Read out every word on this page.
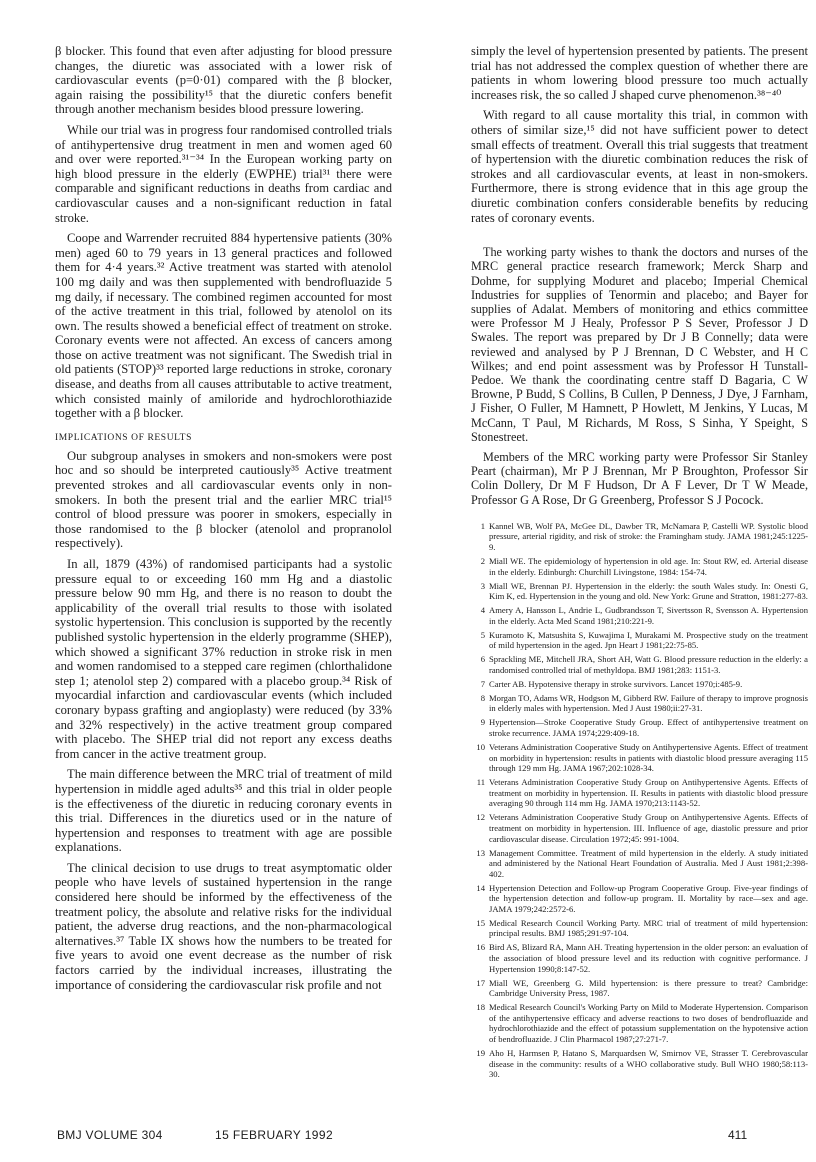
β blocker. This found that even after adjusting for blood pressure changes, the diuretic was associated with a lower risk of cardiovascular events (p=0·01) compared with the β blocker, again raising the possibility¹⁵ that the diuretic confers benefit through another mechanism besides blood pressure lowering.

While our trial was in progress four randomised controlled trials of antihypertensive drug treatment in men and women aged 60 and over were reported.³¹⁻³⁴ In the European working party on high blood pressure in the elderly (EWPHE) trial³¹ there were comparable and significant reductions in deaths from cardiac and cardiovascular causes and a non-significant reduction in fatal stroke.

Coope and Warrender recruited 884 hypertensive patients (30% men) aged 60 to 79 years in 13 general practices and followed them for 4·4 years.³² Active treatment was started with atenolol 100 mg daily and was then supplemented with bendrofluazide 5 mg daily, if necessary. The combined regimen accounted for most of the active treatment in this trial, followed by atenolol on its own. The results showed a beneficial effect of treatment on stroke. Coronary events were not affected. An excess of cancers among those on active treatment was not significant. The Swedish trial in old patients (STOP)³³ reported large reductions in stroke, coronary disease, and deaths from all causes attributable to active treatment, which consisted mainly of amiloride and hydrochlorothiazide together with a β blocker.

IMPLICATIONS OF RESULTS

Our subgroup analyses in smokers and non-smokers were post hoc and so should be interpreted cautiously³⁵ Active treatment prevented strokes and all cardiovascular events only in non-smokers. In both the present trial and the earlier MRC trial¹⁵ control of blood pressure was poorer in smokers, especially in those randomised to the β blocker (atenolol and propranolol respectively).

In all, 1879 (43%) of randomised participants had a systolic pressure equal to or exceeding 160 mm Hg and a diastolic pressure below 90 mm Hg, and there is no reason to doubt the applicability of the overall trial results to those with isolated systolic hypertension. This conclusion is supported by the recently published systolic hypertension in the elderly programme (SHEP), which showed a significant 37% reduction in stroke risk in men and women randomised to a stepped care regimen (chlorthalidone step 1; atenolol step 2) compared with a placebo group.³⁴ Risk of myocardial infarction and cardiovascular events (which included coronary bypass grafting and angioplasty) were reduced (by 33% and 32% respectively) in the active treatment group compared with placebo. The SHEP trial did not report any excess deaths from cancer in the active treatment group.

The main difference between the MRC trial of treatment of mild hypertension in middle aged adults³⁵ and this trial in older people is the effectiveness of the diuretic in reducing coronary events in this trial. Differences in the diuretics used or in the nature of hypertension and responses to treatment with age are possible explanations.

The clinical decision to use drugs to treat asymptomatic older people who have levels of sustained hypertension in the range considered here should be informed by the effectiveness of the treatment policy, the absolute and relative risks for the individual patient, the adverse drug reactions, and the non-pharmacological alternatives.³⁷ Table IX shows how the numbers to be treated for five years to avoid one event decrease as the number of risk factors carried by the individual increases, illustrating the importance of considering the cardiovascular risk profile and not

simply the level of hypertension presented by patients. The present trial has not addressed the complex question of whether there are patients in whom lowering blood pressure too much actually increases risk, the so called J shaped curve phenomenon.³⁸⁻⁴⁰

With regard to all cause mortality this trial, in common with others of similar size,¹⁵ did not have sufficient power to detect small effects of treatment. Overall this trial suggests that treatment of hypertension with the diuretic combination reduces the risk of strokes and all cardiovascular events, at least in non-smokers. Furthermore, there is strong evidence that in this age group the diuretic combination confers considerable benefits by reducing rates of coronary events.

The working party wishes to thank the doctors and nurses of the MRC general practice research framework; Merck Sharp and Dohme, for supplying Moduret and placebo; Imperial Chemical Industries for supplies of Tenormin and placebo; and Bayer for supplies of Adalat. Members of monitoring and ethics committee were Professor M J Healy, Professor P S Sever, Professor J D Swales. The report was prepared by Dr J B Connelly; data were reviewed and analysed by P J Brennan, D C Webster, and H C Wilkes; and end point assessment was by Professor H Tunstall-Pedoe. We thank the coordinating centre staff D Bagaria, C W Browne, P Budd, S Collins, B Cullen, P Denness, J Dye, J Farnham, J Fisher, O Fuller, M Hamnett, P Howlett, M Jenkins, Y Lucas, M McCann, T Paul, M Richards, M Ross, S Sinha, Y Speight, S Stonestreet.

Members of the MRC working party were Professor Sir Stanley Peart (chairman), Mr P J Brennan, Mr P Broughton, Professor Sir Colin Dollery, Dr M F Hudson, Dr A F Lever, Dr T W Meade, Professor G A Rose, Dr G Greenberg, Professor S J Pocock.

1 Kannel WB, Wolf PA, McGee DL, Dawber TR, McNamara P, Castelli WP. Systolic blood pressure, arterial rigidity, and risk of stroke: the Framingham study. JAMA 1981;245:1225-9.
2 Miall WE. The epidemiology of hypertension in old age. In: Stout RW, ed. Arterial disease in the elderly. Edinburgh: Churchill Livingstone, 1984: 154-74.
3 Miall WE, Brennan PJ. Hypertension in the elderly: the south Wales study. In: Onesti G, Kim K, ed. Hypertension in the young and old. New York: Grune and Stratton, 1981:277-83.
4 Amery A, Hansson L, Andrie L, Gudbrandsson T, Sivertsson R, Svensson A. Hypertension in the elderly. Acta Med Scand 1981;210:221-9.
5 Kuramoto K, Matsushita S, Kuwajima I, Murakami M. Prospective study on the treatment of mild hypertension in the aged. Jpn Heart J 1981;22:75-85.
6 Sprackling ME, Mitchell JRA, Short AH, Watt G. Blood pressure reduction in the elderly: a randomised controlled trial of methyldopa. BMJ 1981;283: 1151-3.
7 Carter AB. Hypotensive therapy in stroke survivors. Lancet 1970;i:485-9.
8 Morgan TO, Adams WR, Hodgson M, Gibberd RW. Failure of therapy to improve prognosis in elderly males with hypertension. Med J Aust 1980;ii:27-31.
9 Hypertension—Stroke Cooperative Study Group. Effect of antihypertensive treatment on stroke recurrence. JAMA 1974;229:409-18.
10 Veterans Administration Cooperative Study on Antihypertensive Agents. Effect of treatment on morbidity in hypertension: results in patients with diastolic blood pressure averaging 115 through 129 mm Hg. JAMA 1967;202:1028-34.
11 Veterans Administration Cooperative Study Group on Antihypertensive Agents. Effects of treatment on morbidity in hypertension. II. Results in patients with diastolic blood pressure averaging 90 through 114 mm Hg. JAMA 1970;213:1143-52.
12 Veterans Administration Cooperative Study Group on Antihypertensive Agents. Effects of treatment on morbidity in hypertension. III. Influence of age, diastolic pressure and prior cardiovascular disease. Circulation 1972;45: 991-1004.
13 Management Committee. Treatment of mild hypertension in the elderly. A study initiated and administered by the National Heart Foundation of Australia. Med J Aust 1981;2:398-402.
14 Hypertension Detection and Follow-up Program Cooperative Group. Five-year findings of the hypertension detection and follow-up program. II. Mortality by race—sex and age. JAMA 1979;242:2572-6.
15 Medical Research Council Working Party. MRC trial of treatment of mild hypertension: principal results. BMJ 1985;291:97-104.
16 Bird AS, Blizard RA, Mann AH. Treating hypertension in the older person: an evaluation of the association of blood pressure level and its reduction with cognitive performance. J Hypertension 1990;8:147-52.
17 Miall WE, Greenberg G. Mild hypertension: is there pressure to treat? Cambridge: Cambridge University Press, 1987.
18 Medical Research Council's Working Party on Mild to Moderate Hypertension. Comparison of the antihypertensive efficacy and adverse reactions to two doses of bendrofluazide and hydrochlorothiazide and the effect of potassium supplementation on the hypotensive action of bendrofluazide. J Clin Pharmacol 1987;27:271-7.
19 Aho H, Harmsen P, Hatano S, Marquardsen W, Smirnov VE, Strasser T. Cerebrovascular disease in the community: results of a WHO collaborative study. Bull WHO 1980;58:113-30.
BMJ VOLUME 304	15 FEBRUARY 1992	411
